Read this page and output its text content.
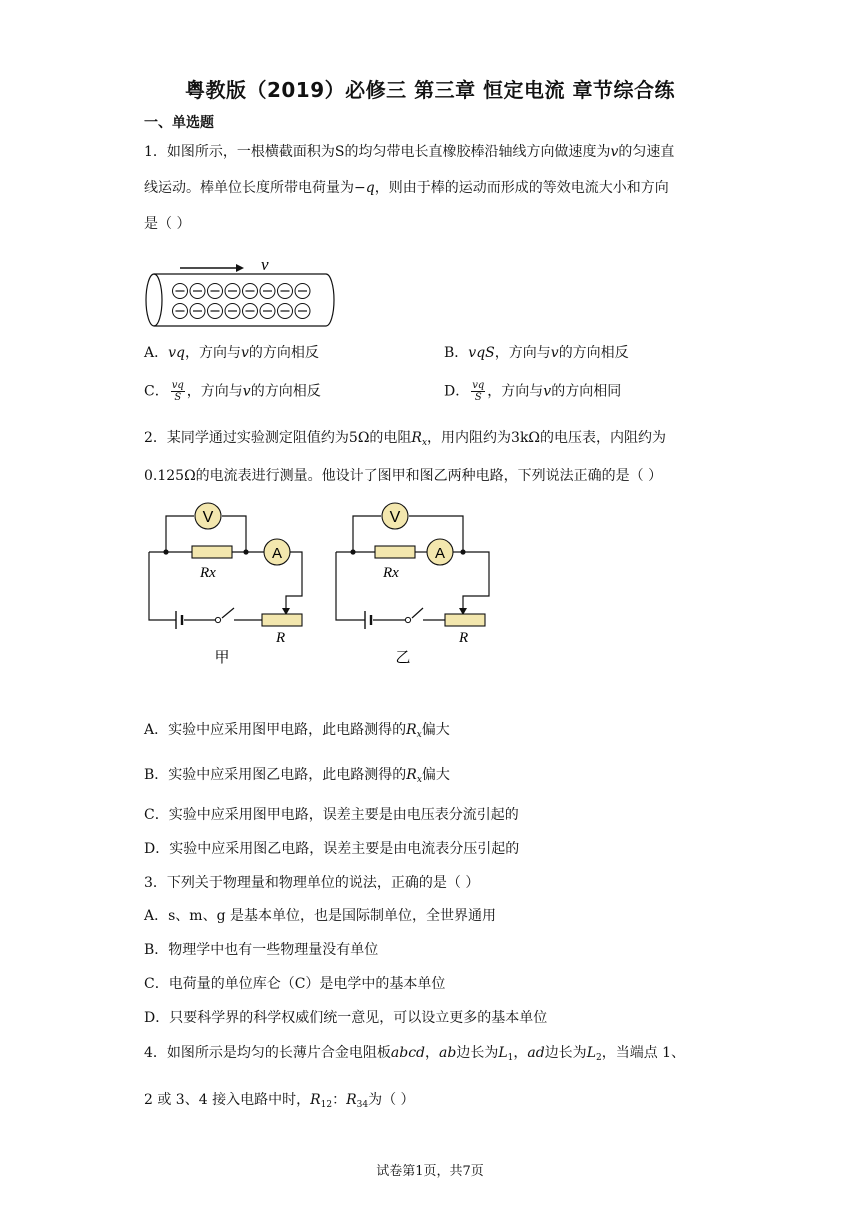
粤教版（2019）必修三 第三章 恒定电流 章节综合练
一、单选题
1．如图所示，一根横截面积为S的均匀带电长直橡胶棒沿轴线方向做速度为v的匀速直
线运动。棒单位长度所带电荷量为−q，则由于棒的运动而形成的等效电流大小和方向
是（ ）
v
A．vq，方向与v的方向相反	B．vqS，方向与v的方向相反
C． $\frac{vq}{S}$ ，方向与v的方向相反	D． $\frac{vq}{S}$ ，方向与v的方向相同
2．某同学通过实验测定阻值约为5Ω的电阻$R_x$，用内阻约为3kΩ的电压表，内阻约为
0.125Ω的电流表进行测量。他设计了图甲和图乙两种电路，下列说法正确的是（ ）
V
A
Rx
R
甲
V
A
Rx
R
乙
A．实验中应采用图甲电路，此电路测得的$R_x$偏大
B．实验中应采用图乙电路，此电路测得的$R_x$偏大
C．实验中应采用图甲电路，误差主要是由电压表分流引起的
D．实验中应采用图乙电路，误差主要是由电流表分压引起的
3．下列关于物理量和物理单位的说法，正确的是（ ）
A．s、m、g 是基本单位，也是国际制单位，全世界通用
B．物理学中也有一些物理量没有单位
C．电荷量的单位库仑（C）是电学中的基本单位
D．只要科学界的科学权威们统一意见，可以设立更多的基本单位
4．如图所示是均匀的长薄片合金电阻板abcd，ab边长为$L_1$，ad边长为$L_2$，当端点 1、
2 或 3、4 接入电路中时，$R_{12}$：$R_{34}$为（ ）
试卷第1页，共7页
